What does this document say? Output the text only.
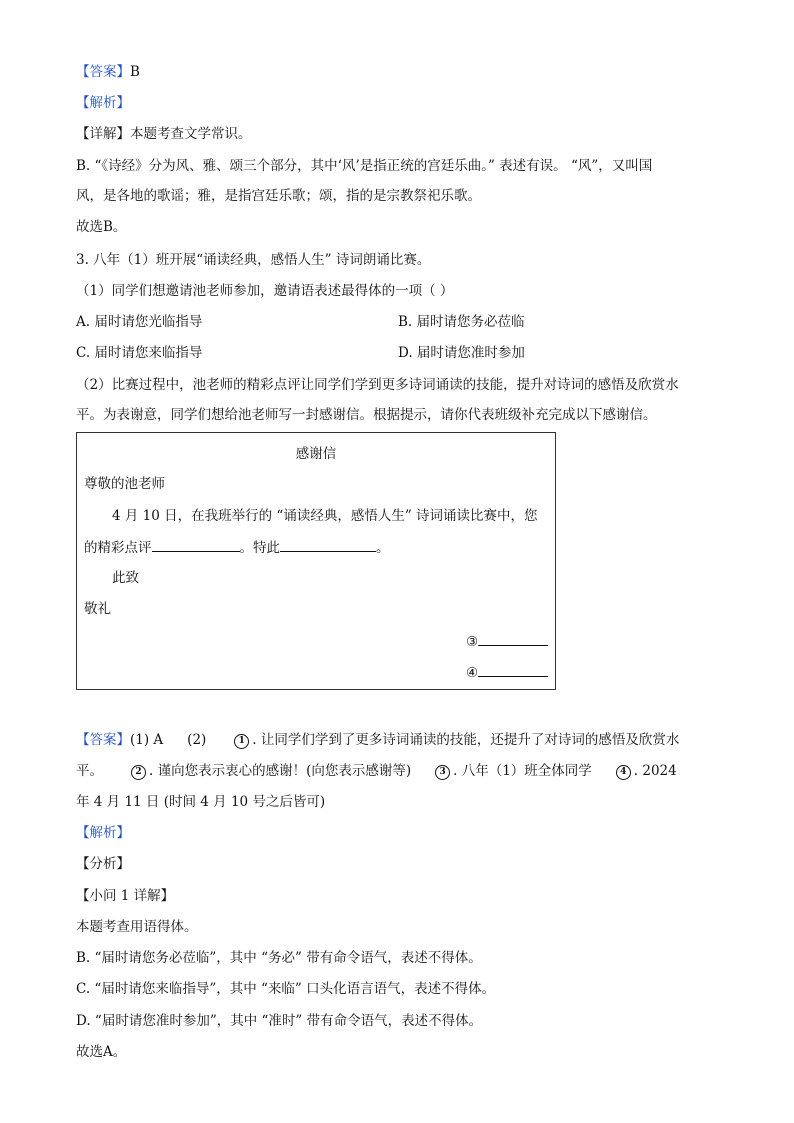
【答案】B
【解析】
【详解】本题考查文学常识。
B. “《诗经》分为风、雅、颂三个部分，其中‘风’是指正统的宫廷乐曲。” 表述有误。 “风”，又叫国
风，是各地的歌谣；雅，是指宫廷乐歌；颂，指的是宗教祭祀乐歌。
故选B。
3. 八年（1）班开展“诵读经典，感悟人生” 诗词朗诵比赛。
（1）同学们想邀请池老师参加，邀请语表述最得体的一项（ ）
A. 届时请您光临指导	B. 届时请您务必莅临
C. 届时请您来临指导	D. 届时请您准时参加
（2）比赛过程中，池老师的精彩点评让同学们学到更多诗词诵读的技能，提升对诗词的感悟及欣赏水
平。为表谢意，同学们想给池老师写一封感谢信。根据提示，请你代表班级补充完成以下感谢信。
感谢信
尊敬的池老师
4 月 10 日，在我班举行的 “诵读经典，感悟人生” 诗词诵读比赛中，您
的精彩点评	。特此	。
此致
敬礼
③
④
【答案】(1) A (2)	1 . 让同学们学到了更多诗词诵读的技能，还提升了对诗词的感悟及欣赏水
平。	2 . 谨向您表示衷心的感谢！(向您表示感谢等)	3 . 八年（1）班全体同学	4 . 2024
年 4 月 11 日 (时间 4 月 10 号之后皆可)
【解析】
【分析】
【小问 1 详解】
本题考查用语得体。
B. “届时请您务必莅临”，其中 “务必” 带有命令语气，表述不得体。
C. “届时请您来临指导”，其中 “来临” 口头化语言语气，表述不得体。
D. “届时请您准时参加”，其中 “准时” 带有命令语气，表述不得体。
故选A。
